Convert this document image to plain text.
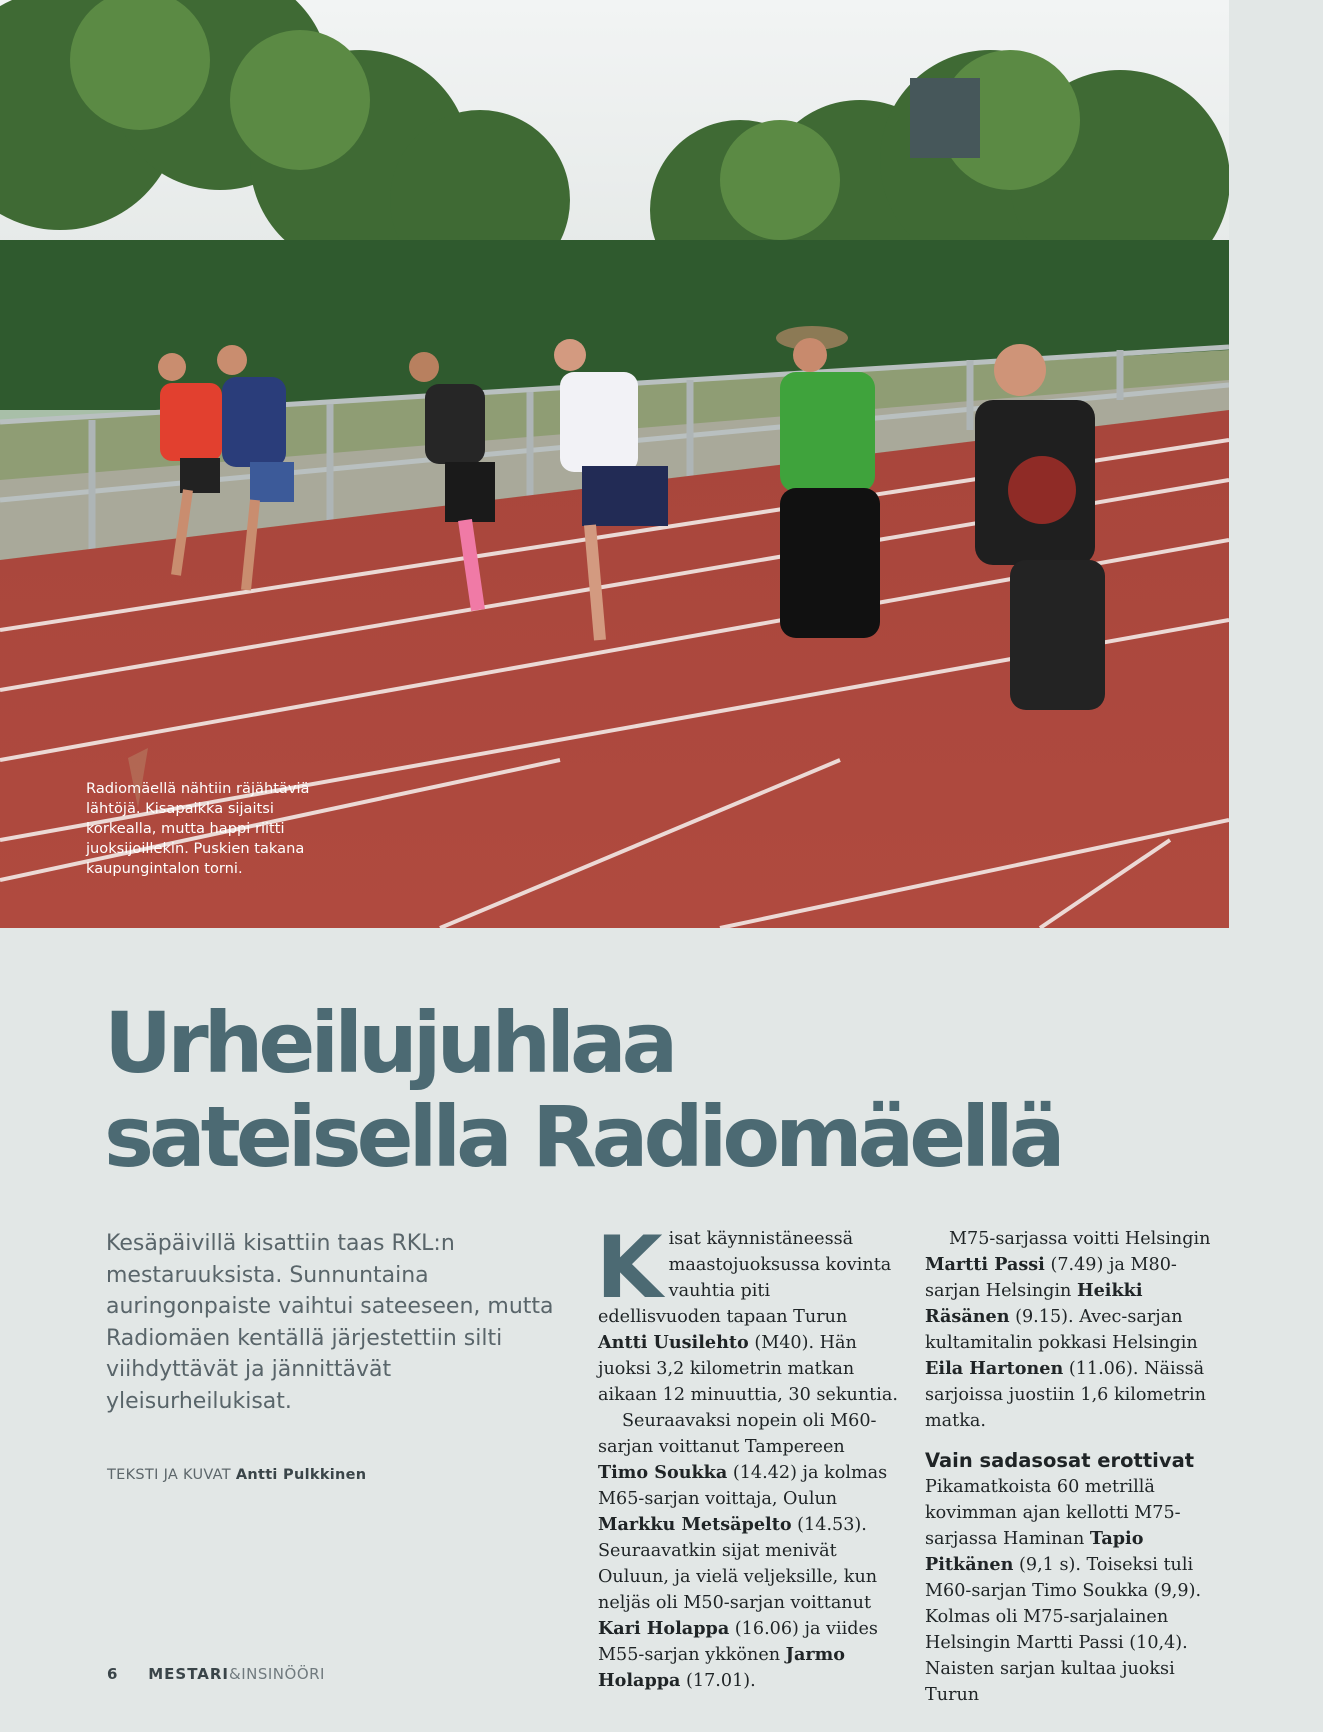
Radiomäellä nähtiin räjähtäviä lähtöjä. Kisapaikka sijaitsi korkealla, mutta happi riitti juoksijoillekin. Puskien takana kaupungintalon torni.
Urheilujuhlaa
sateisella Radiomäellä

Kesäpäivillä kisattiin taas RKL:n mestaruuksista. Sunnuntaina auringonpaiste vaihtui sateeseen, mutta Radiomäen kentällä järjestettiin silti viihdyttävät ja jännittävät yleisurheilukisat.

TEKSTI JA KUVAT Antti Pulkkinen

Kisat käynnistäneessä maastojuoksussa kovinta vauhtia piti edellisvuoden tapaan Turun Antti Uusilehto (M40). Hän juoksi 3,2 kilometrin matkan aikaan 12 minuuttia, 30 sekuntia.

Seuraavaksi nopein oli M60-sarjan voittanut Tampereen Timo Soukka (14.42) ja kolmas M65-sarjan voittaja, Oulun Markku Metsäpelto (14.53). Seuraavatkin sijat menivät Ouluun, ja vielä veljeksille, kun neljäs oli M50-sarjan voittanut Kari Holappa (16.06) ja viides M55-sarjan ykkönen Jarmo Holappa (17.01).

M75-sarjassa voitti Helsingin Martti Passi (7.49) ja M80-sarjan Helsingin Heikki Räsänen (9.15). Avec-sarjan kultamitalin pokkasi Helsingin Eila Hartonen (11.06). Näissä sarjoissa juostiin 1,6 kilometrin matka.

Vain sadasosat erottivat

Pikamatkoista 60 metrillä kovimman ajan kellotti M75-sarjassa Haminan Tapio Pitkänen (9,1 s). Toiseksi tuli M60-sarjan Timo Soukka (9,9). Kolmas oli M75-sarjalainen Helsingin Martti Passi (10,4). Naisten sarjan kultaa juoksi Turun

6 MESTARI&INSINÖÖRI
